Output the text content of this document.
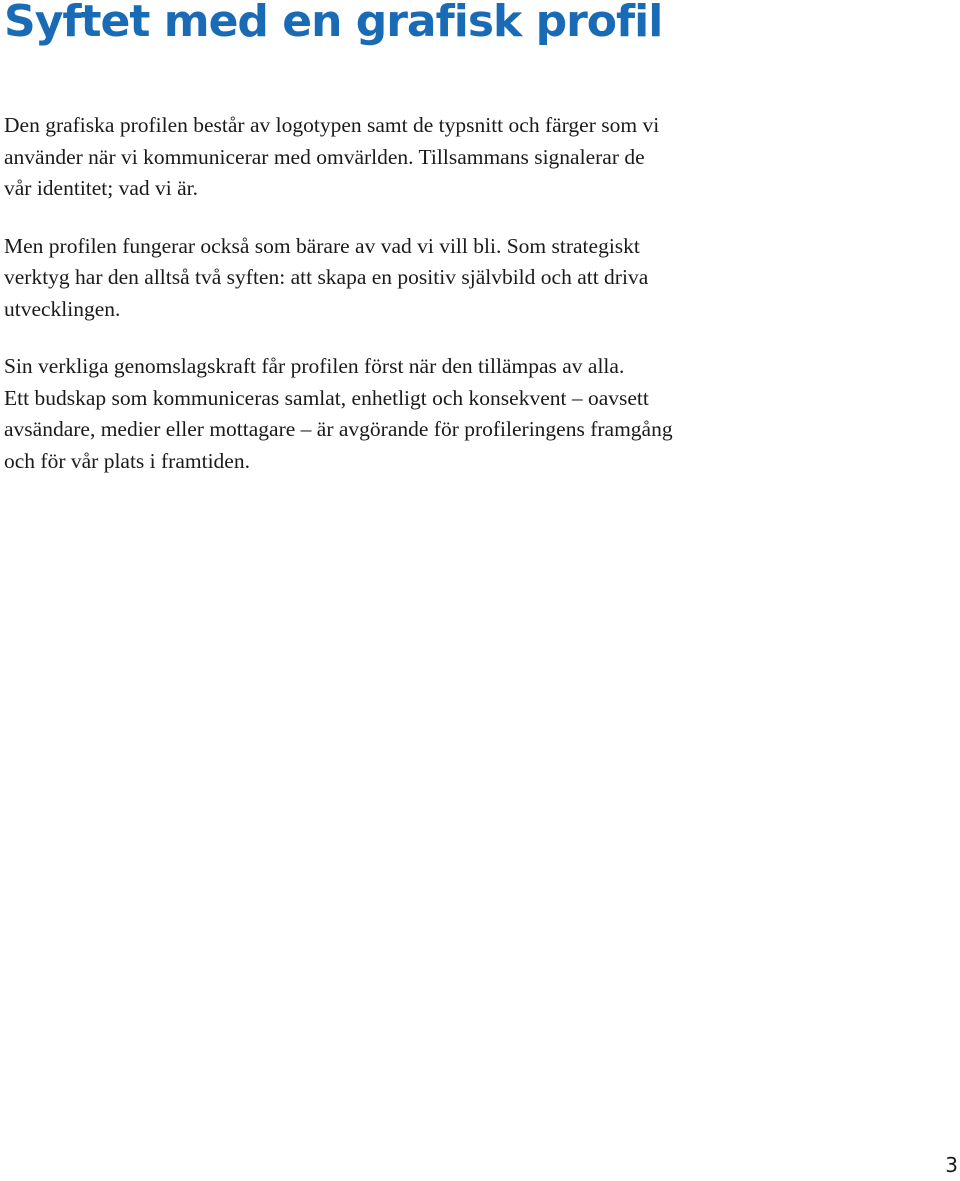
Syftet med en grafisk profil

Den grafiska profilen består av logotypen samt de typsnitt och färger som vi
använder när vi kommunicerar med omvärlden. Tillsammans signalerar de
vår identitet; vad vi är.

Men profilen fungerar också som bärare av vad vi vill bli. Som strategiskt
verktyg har den alltså två syften: att skapa en positiv självbild och att driva
utvecklingen.

Sin verkliga genomslagskraft får profilen först när den tillämpas av alla.
Ett budskap som kommuniceras samlat, enhetligt och konsekvent – oavsett
avsändare, medier eller mottagare – är avgörande för profileringens framgång
och för vår plats i framtiden.

3
